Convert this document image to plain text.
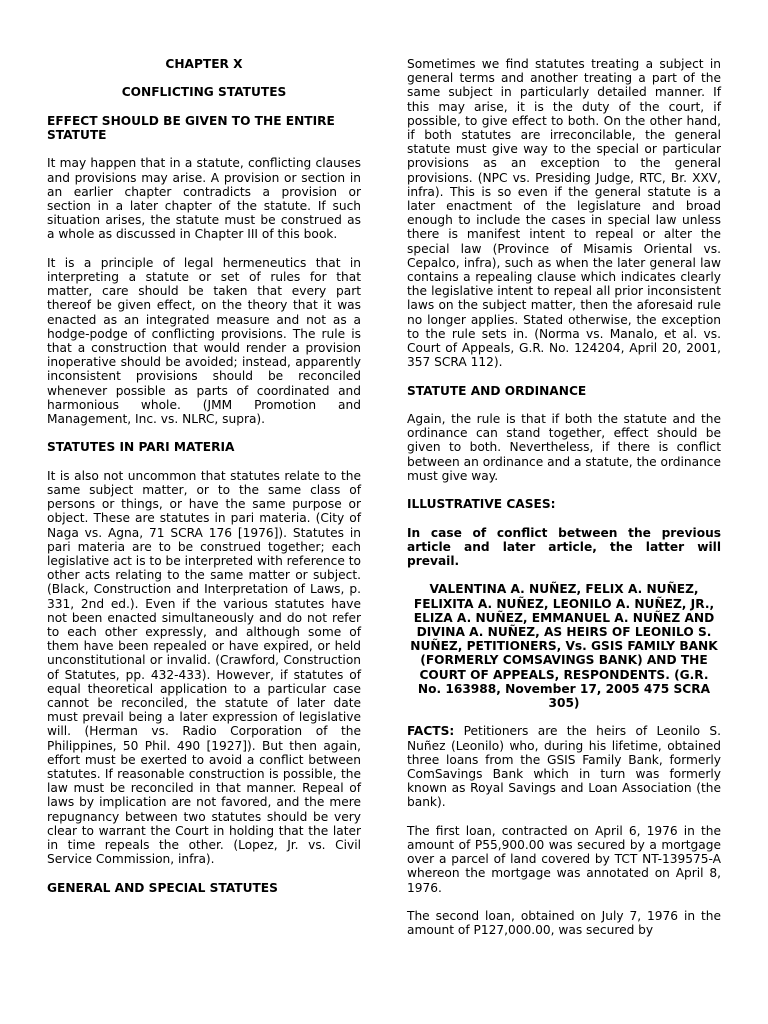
CHAPTER X

CONFLICTING STATUTES

EFFECT SHOULD BE GIVEN TO THE ENTIRE STATUTE

It may happen that in a statute, conflicting clauses and provisions may arise. A provision or section in an earlier chapter contradicts a provision or section in a later chapter of the statute. If such situation arises, the statute must be construed as a whole as discussed in Chapter III of this book.

It is a principle of legal hermeneutics that in interpreting a statute or set of rules for that matter, care should be taken that every part thereof be given effect, on the theory that it was enacted as an integrated measure and not as a hodge-podge of conflicting provisions. The rule is that a construction that would render a provision inoperative should be avoided; instead, apparently inconsistent provisions should be reconciled whenever possible as parts of coordinated and harmonious whole. (JMM Promotion and Management, Inc. vs. NLRC, supra).

STATUTES IN PARI MATERIA

It is also not uncommon that statutes relate to the same subject matter, or to the same class of persons or things, or have the same purpose or object. These are statutes in pari materia. (City of Naga vs. Agna, 71 SCRA 176 [1976]). Statutes in pari materia are to be construed together; each legislative act is to be interpreted with reference to other acts relating to the same matter or subject. (Black, Construction and Interpretation of Laws, p. 331, 2nd ed.). Even if the various statutes have not been enacted simultaneously and do not refer to each other expressly, and although some of them have been repealed or have expired, or held unconstitutional or invalid. (Crawford, Construction of Statutes, pp. 432-433). However, if statutes of equal theoretical application to a particular case cannot be reconciled, the statute of later date must prevail being a later expression of legislative will. (Herman vs. Radio Corporation of the Philippines, 50 Phil. 490 [1927]). But then again, effort must be exerted to avoid a conflict between statutes. If reasonable construction is possible, the law must be reconciled in that manner. Repeal of laws by implication are not favored, and the mere repugnancy between two statutes should be very clear to warrant the Court in holding that the later in time repeals the other. (Lopez, Jr. vs. Civil Service Commission, infra).

GENERAL AND SPECIAL STATUTES

Sometimes we find statutes treating a subject in general terms and another treating a part of the same subject in particularly detailed manner. If this may arise, it is the duty of the court, if possible, to give effect to both. On the other hand, if both statutes are irreconcilable, the general statute must give way to the special or particular provisions as an exception to the general provisions. (NPC vs. Presiding Judge, RTC, Br. XXV, infra). This is so even if the general statute is a later enactment of the legislature and broad enough to include the cases in special law unless there is manifest intent to repeal or alter the special law (Province of Misamis Oriental vs. Cepalco, infra), such as when the later general law contains a repealing clause which indicates clearly the legislative intent to repeal all prior inconsistent laws on the subject matter, then the aforesaid rule no longer applies. Stated otherwise, the exception to the rule sets in. (Norma vs. Manalo, et al. vs. Court of Appeals, G.R. No. 124204, April 20, 2001, 357 SCRA 112).

STATUTE AND ORDINANCE

Again, the rule is that if both the statute and the ordinance can stand together, effect should be given to both. Nevertheless, if there is conflict between an ordinance and a statute, the ordinance must give way.

ILLUSTRATIVE CASES:

In case of conflict between the previous article and later article, the latter will prevail.

VALENTINA A. NUÑEZ, FELIX A. NUÑEZ, FELIXITA A. NUÑEZ, LEONILO A. NUÑEZ, JR., ELIZA A. NUÑEZ, EMMANUEL A. NUÑEZ AND DIVINA A. NUÑEZ, AS HEIRS OF LEONILO S. NUÑEZ, PETITIONERS, Vs. GSIS FAMILY BANK (FORMERLY COMSAVINGS BANK) AND THE COURT OF APPEALS, RESPONDENTS. (G.R. No. 163988, November 17, 2005 475 SCRA 305)

FACTS: Petitioners are the heirs of Leonilo S. Nuñez (Leonilo) who, during his lifetime, obtained three loans from the GSIS Family Bank, formerly ComSavings Bank which in turn was formerly known as Royal Savings and Loan Association (the bank).

The first loan, contracted on April 6, 1976 in the amount of P55,900.00 was secured by a mortgage over a parcel of land covered by TCT NT-139575-A whereon the mortgage was annotated on April 8, 1976.

The second loan, obtained on July 7, 1976 in the amount of P127,000.00, was secured by
